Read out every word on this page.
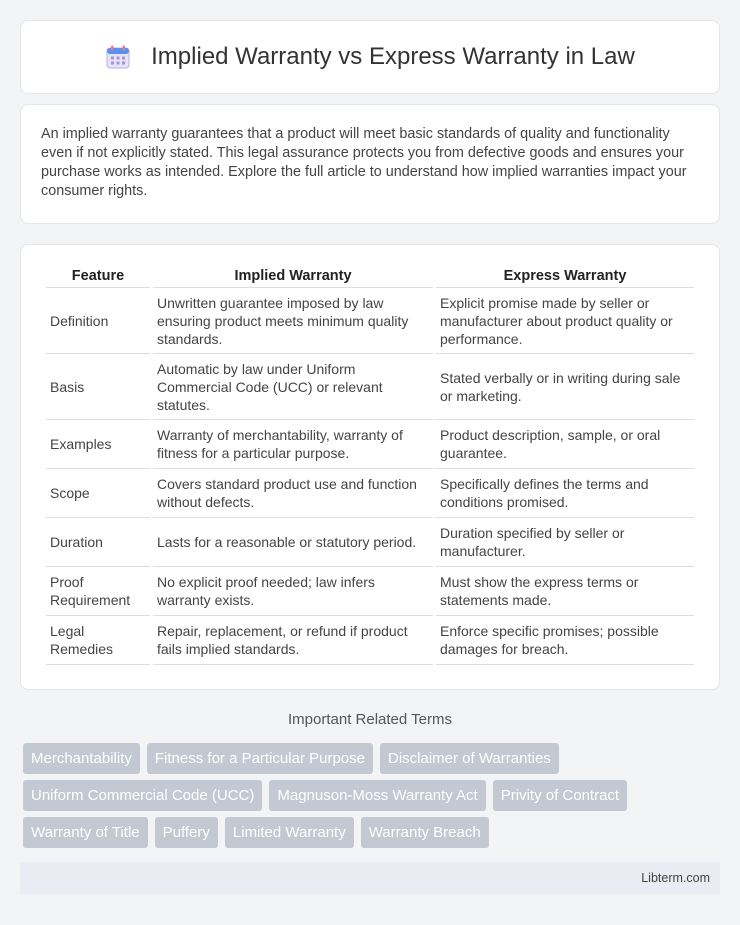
Implied Warranty vs Express Warranty in Law

An implied warranty guarantees that a product will meet basic standards of quality and functionality even if not explicitly stated. This legal assurance protects you from defective goods and ensures your purchase works as intended. Explore the full article to understand how implied warranties impact your consumer rights.

Feature	Implied Warranty	Express Warranty
Definition	Unwritten guarantee imposed by law ensuring product meets minimum quality standards.	Explicit promise made by seller or manufacturer about product quality or performance.
Basis	Automatic by law under Uniform Commercial Code (UCC) or relevant statutes.	Stated verbally or in writing during sale or marketing.
Examples	Warranty of merchantability, warranty of fitness for a particular purpose.	Product description, sample, or oral guarantee.
Scope	Covers standard product use and function without defects.	Specifically defines the terms and conditions promised.
Duration	Lasts for a reasonable or statutory period.	Duration specified by seller or manufacturer.
Proof Requirement	No explicit proof needed; law infers warranty exists.	Must show the express terms or statements made.
Legal Remedies	Repair, replacement, or refund if product fails implied standards.	Enforce specific promises; possible damages for breach.
Important Related Terms
Merchantability	Fitness for a Particular Purpose	Disclaimer of Warranties
Uniform Commercial Code (UCC)	Magnuson-Moss Warranty Act	Privity of Contract
Warranty of Title	Puffery	Limited Warranty	Warranty Breach
Libterm.com
